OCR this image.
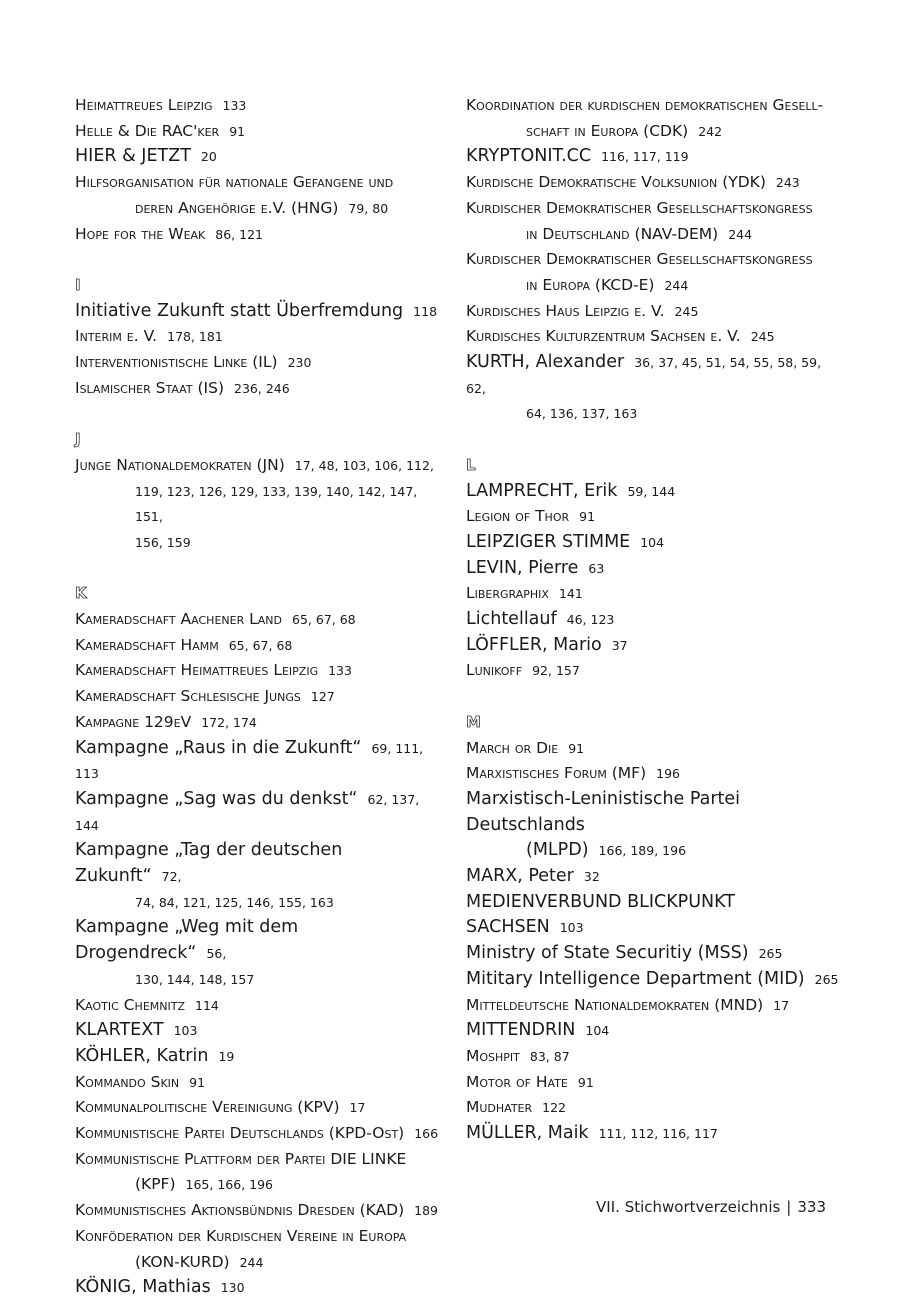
Heimattreues Leipzig 133
Helle & Die RAC'ker 91
HIER & JETZT 20
Hilfsorganisation für nationale Gefangene und
deren Angehörige e.V. (HNG) 79, 80
Hope for the Weak 86, 121
I
Initiative Zukunft statt Überfremdung 118
Interim e. V. 178, 181
Interventionistische Linke (IL) 230
Islamischer Staat (IS) 236, 246
J
Junge Nationaldemokraten (JN) 17, 48, 103, 106, 112,
119, 123, 126, 129, 133, 139, 140, 142, 147, 151,
156, 159
K
Kameradschaft Aachener Land 65, 67, 68
Kameradschaft Hamm 65, 67, 68
Kameradschaft Heimattreues Leipzig 133
Kameradschaft Schlesische Jungs 127
Kampagne 129eV 172, 174
Kampagne „Raus in die Zukunft“ 69, 111, 113
Kampagne „Sag was du denkst“ 62, 137, 144
Kampagne „Tag der deutschen Zukunft“ 72,
74, 84, 121, 125, 146, 155, 163
Kampagne „Weg mit dem Drogendreck“ 56,
130, 144, 148, 157
Kaotic Chemnitz 114
KLARTEXT 103
KÖHLER, Katrin 19
Kommando Skin 91
Kommunalpolitische Vereinigung (KPV) 17
Kommunistische Partei Deutschlands (KPD-Ost) 166
Kommunistische Plattform der Partei DIE LINKE
(KPF) 165, 166, 196
Kommunistisches Aktionsbündnis Dresden (KAD) 189
Konföderation der Kurdischen Vereine in Europa
(KON-KURD) 244
KÖNIG, Mathias 130
Koordination der kurdischen demokratischen Gesell-
schaft in Europa (CDK) 242
KRYPTONIT.CC 116, 117, 119
Kurdische Demokratische Volksunion (YDK) 243
Kurdischer Demokratischer Gesellschaftskongress
in Deutschland (NAV-DEM) 244
Kurdischer Demokratischer Gesellschaftskongress
in Europa (KCD-E) 244
Kurdisches Haus Leipzig e. V. 245
Kurdisches Kulturzentrum Sachsen e. V. 245
KURTH, Alexander 36, 37, 45, 51, 54, 55, 58, 59, 62,
64, 136, 137, 163
L
LAMPRECHT, Erik 59, 144
Legion of Thor 91
LEIPZIGER STIMME 104
LEVIN, Pierre 63
Libergraphix 141
Lichtellauf 46, 123
LÖFFLER, Mario 37
Lunikoff 92, 157
M
March or Die 91
Marxistisches Forum (MF) 196
Marxistisch-Leninistische Partei Deutschlands
(MLPD) 166, 189, 196
MARX, Peter 32
MEDIENVERBUND BLICKPUNKT SACHSEN 103
Ministry of State Securitiy (MSS) 265
Mititary Intelligence Department (MID) 265
Mitteldeutsche Nationaldemokraten (MND) 17
MITTENDRIN 104
Moshpit 83, 87
Motor of Hate 91
Mudhater 122
MÜLLER, Maik 111, 112, 116, 117
VII. Stichwortverzeichnis | 333
